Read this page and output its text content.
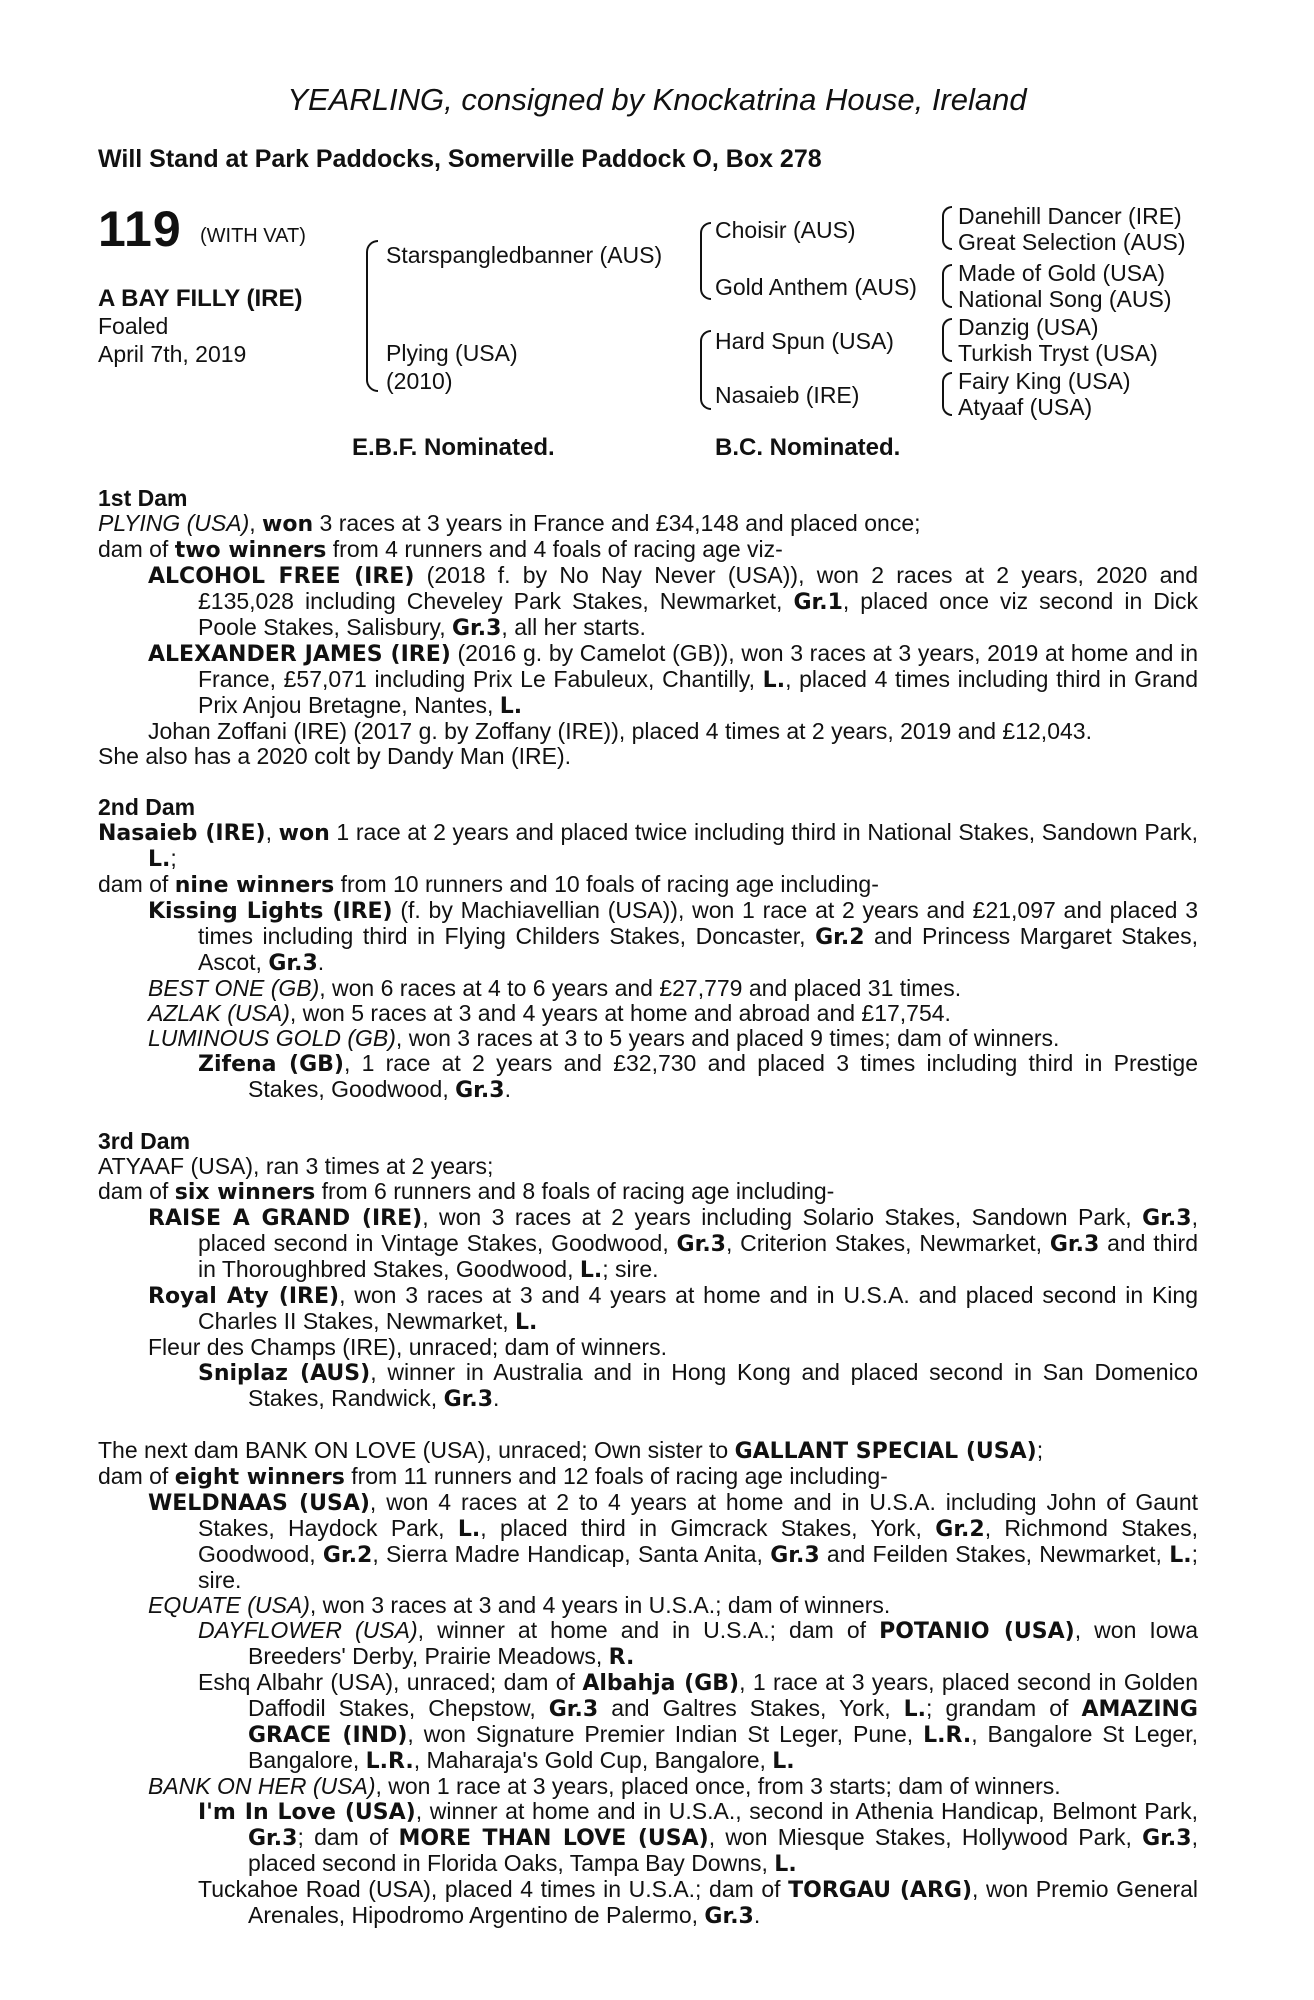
YEARLING, consigned by Knockatrina House, Ireland
Will Stand at Park Paddocks, Somerville Paddock O, Box 278
119 (WITH VAT)
A BAY FILLY (IRE)
Foaled
April 7th, 2019
Starspangledbanner (AUS)
Plying (USA)
(2010)
Choisir (AUS)
Gold Anthem (AUS)
Hard Spun (USA)
Nasaieb (IRE)
Danehill Dancer (IRE)
Great Selection (AUS)
Made of Gold (USA)
National Song (AUS)
Danzig (USA)
Turkish Tryst (USA)
Fairy King (USA)
Atyaaf (USA)
E.B.F. Nominated.	B.C. Nominated.

1st Dam

PLYING (USA), won 3 races at 3 years in France and £34,148 and placed once;

dam of two winners from 4 runners and 4 foals of racing age viz-

ALCOHOL FREE (IRE) (2018 f. by No Nay Never (USA)), won 2 races at 2 years, 2020 and £135,028 including Cheveley Park Stakes, Newmarket, Gr.1, placed once viz second in Dick Poole Stakes, Salisbury, Gr.3, all her starts.

ALEXANDER JAMES (IRE) (2016 g. by Camelot (GB)), won 3 races at 3 years, 2019 at home and in France, £57,071 including Prix Le Fabuleux, Chantilly, L., placed 4 times including third in Grand Prix Anjou Bretagne, Nantes, L.

Johan Zoffani (IRE) (2017 g. by Zoffany (IRE)), placed 4 times at 2 years, 2019 and £12,043.

She also has a 2020 colt by Dandy Man (IRE).

2nd Dam

Nasaieb (IRE), won 1 race at 2 years and placed twice including third in National Stakes, Sandown Park, L.;

dam of nine winners from 10 runners and 10 foals of racing age including-

Kissing Lights (IRE) (f. by Machiavellian (USA)), won 1 race at 2 years and £21,097 and placed 3 times including third in Flying Childers Stakes, Doncaster, Gr.2 and Princess Margaret Stakes, Ascot, Gr.3.

BEST ONE (GB), won 6 races at 4 to 6 years and £27,779 and placed 31 times.

AZLAK (USA), won 5 races at 3 and 4 years at home and abroad and £17,754.

LUMINOUS GOLD (GB), won 3 races at 3 to 5 years and placed 9 times; dam of winners.

Zifena (GB), 1 race at 2 years and £32,730 and placed 3 times including third in Prestige Stakes, Goodwood, Gr.3.

3rd Dam

ATYAAF (USA), ran 3 times at 2 years;

dam of six winners from 6 runners and 8 foals of racing age including-

RAISE A GRAND (IRE), won 3 races at 2 years including Solario Stakes, Sandown Park, Gr.3, placed second in Vintage Stakes, Goodwood, Gr.3, Criterion Stakes, Newmarket, Gr.3 and third in Thoroughbred Stakes, Goodwood, L.; sire.

Royal Aty (IRE), won 3 races at 3 and 4 years at home and in U.S.A. and placed second in King Charles II Stakes, Newmarket, L.

Fleur des Champs (IRE), unraced; dam of winners.

Sniplaz (AUS), winner in Australia and in Hong Kong and placed second in San Domenico Stakes, Randwick, Gr.3.

The next dam BANK ON LOVE (USA), unraced; Own sister to GALLANT SPECIAL (USA);

dam of eight winners from 11 runners and 12 foals of racing age including-

WELDNAAS (USA), won 4 races at 2 to 4 years at home and in U.S.A. including John of Gaunt Stakes, Haydock Park, L., placed third in Gimcrack Stakes, York, Gr.2, Richmond Stakes, Goodwood, Gr.2, Sierra Madre Handicap, Santa Anita, Gr.3 and Feilden Stakes, Newmarket, L.; sire.

EQUATE (USA), won 3 races at 3 and 4 years in U.S.A.; dam of winners.

DAYFLOWER (USA), winner at home and in U.S.A.; dam of POTANIO (USA), won Iowa Breeders' Derby, Prairie Meadows, R.

Eshq Albahr (USA), unraced; dam of Albahja (GB), 1 race at 3 years, placed second in Golden Daffodil Stakes, Chepstow, Gr.3 and Galtres Stakes, York, L.; grandam of AMAZING GRACE (IND), won Signature Premier Indian St Leger, Pune, L.R., Bangalore St Leger, Bangalore, L.R., Maharaja's Gold Cup, Bangalore, L.

BANK ON HER (USA), won 1 race at 3 years, placed once, from 3 starts; dam of winners.

I'm In Love (USA), winner at home and in U.S.A., second in Athenia Handicap, Belmont Park, Gr.3; dam of MORE THAN LOVE (USA), won Miesque Stakes, Hollywood Park, Gr.3, placed second in Florida Oaks, Tampa Bay Downs, L.

Tuckahoe Road (USA), placed 4 times in U.S.A.; dam of TORGAU (ARG), won Premio General Arenales, Hipodromo Argentino de Palermo, Gr.3.
